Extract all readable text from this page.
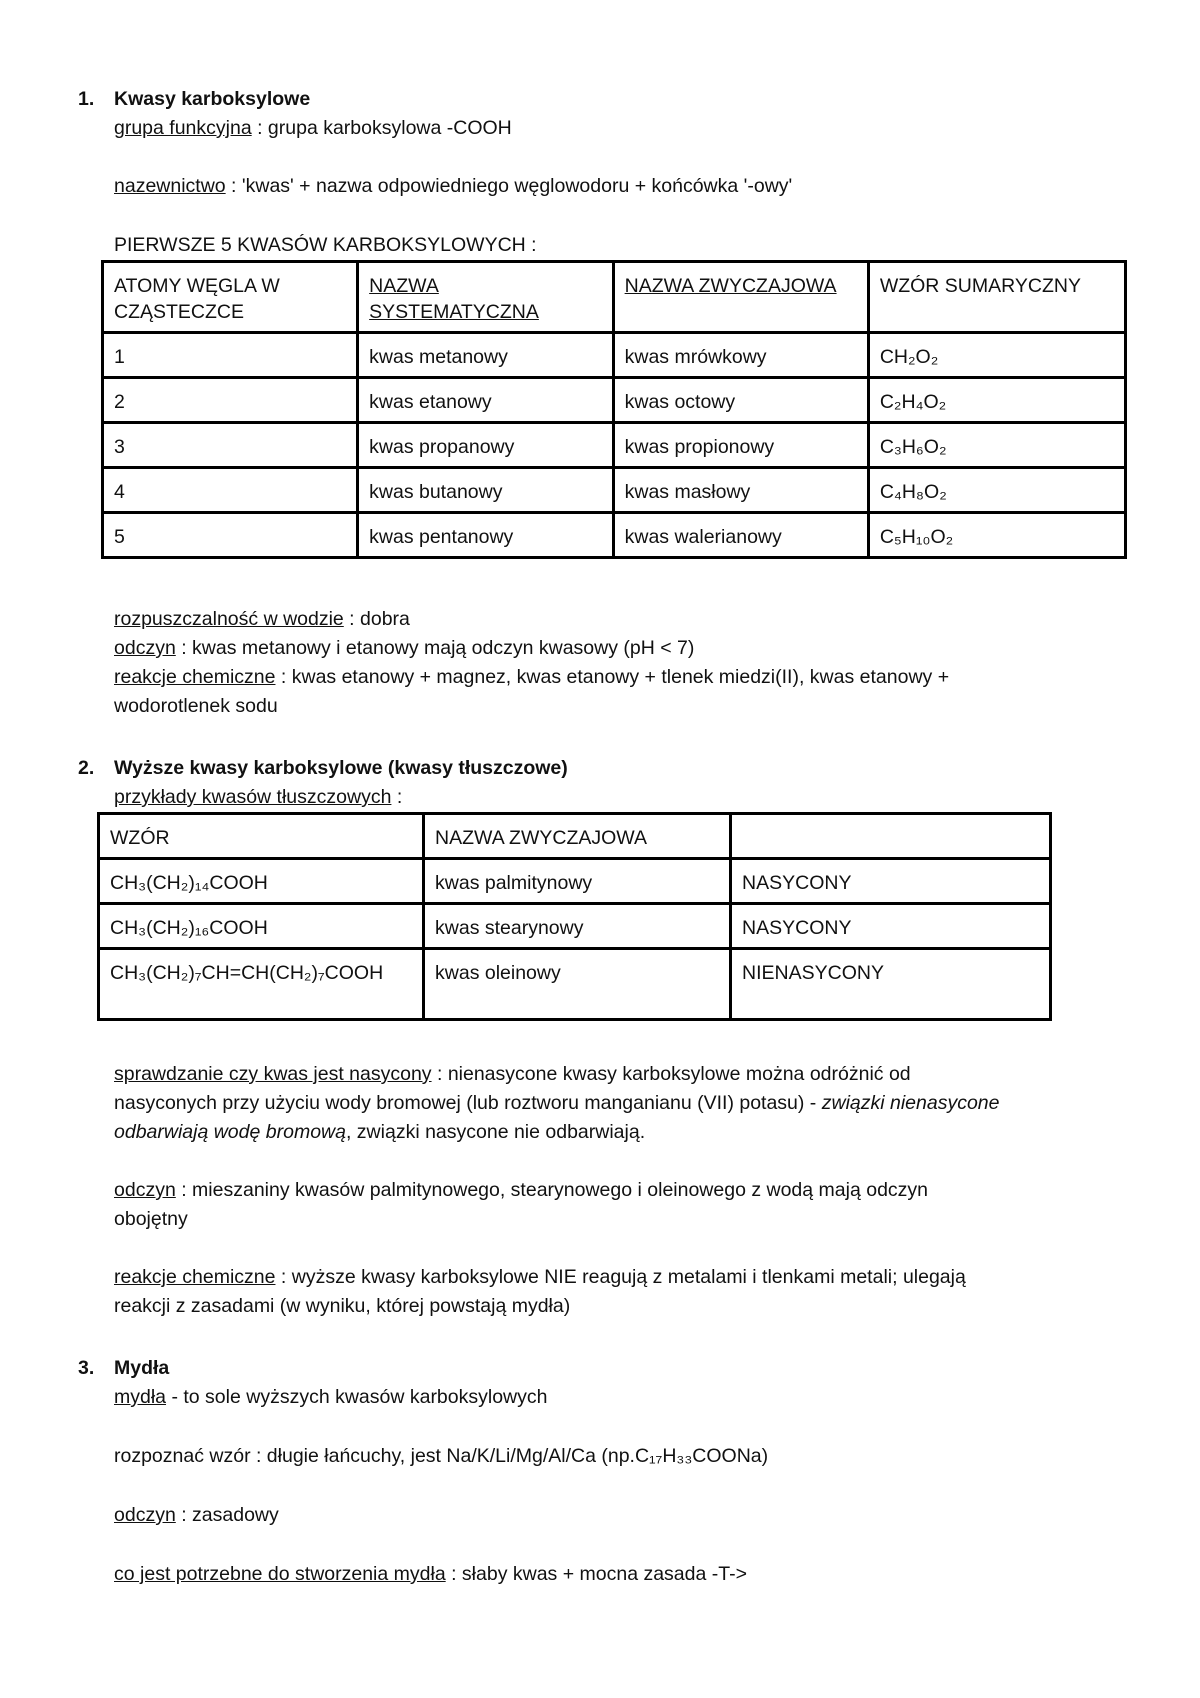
1. Kwasy karboksylowe
grupa funkcyjna : grupa karboksylowa -COOH
nazewnictwo : 'kwas' + nazwa odpowiedniego węglowodoru + końcówka '-owy'
PIERWSZE 5 KWASÓW KARBOKSYLOWYCH :
ATOMY WĘGLA W CZĄSTECZCE	NAZWA SYSTEMATYCZNA	NAZWA ZWYCZAJOWA	WZÓR SUMARYCZNY
1	kwas metanowy	kwas mrówkowy	CH₂O₂
2	kwas etanowy	kwas octowy	C₂H₄O₂
3	kwas propanowy	kwas propionowy	C₃H₆O₂
4	kwas butanowy	kwas masłowy	C₄H₈O₂
5	kwas pentanowy	kwas walerianowy	C₅H₁₀O₂
rozpuszczalność w wodzie : dobra
odczyn : kwas metanowy i etanowy mają odczyn kwasowy (pH < 7)
reakcje chemiczne : kwas etanowy + magnez, kwas etanowy + tlenek miedzi(II), kwas etanowy +
wodorotlenek sodu
2. Wyższe kwasy karboksylowe (kwasy tłuszczowe)
przykłady kwasów tłuszczowych :
WZÓR	NAZWA ZWYCZAJOWA	
CH₃(CH₂)₁₄COOH	kwas palmitynowy	NASYCONY
CH₃(CH₂)₁₆COOH	kwas stearynowy	NASYCONY
CH₃(CH₂)₇CH=CH(CH₂)₇COOH	kwas oleinowy	NIENASYCONY
sprawdzanie czy kwas jest nasycony : nienasycone kwasy karboksylowe można odróżnić od
nasyconych przy użyciu wody bromowej (lub roztworu manganianu (VII) potasu) - związki nienasycone
odbarwiają wodę bromową, związki nasycone nie odbarwiają.
odczyn : mieszaniny kwasów palmitynowego, stearynowego i oleinowego z wodą mają odczyn
obojętny
reakcje chemiczne : wyższe kwasy karboksylowe NIE reagują z metalami i tlenkami metali; ulegają
reakcji z zasadami (w wyniku, której powstają mydła)
3. Mydła
mydła - to sole wyższych kwasów karboksylowych
rozpoznać wzór : długie łańcuchy, jest Na/K/Li/Mg/Al/Ca (np.C₁₇H₃₃COONa)
odczyn : zasadowy
co jest potrzebne do stworzenia mydła : słaby kwas + mocna zasada -T->
